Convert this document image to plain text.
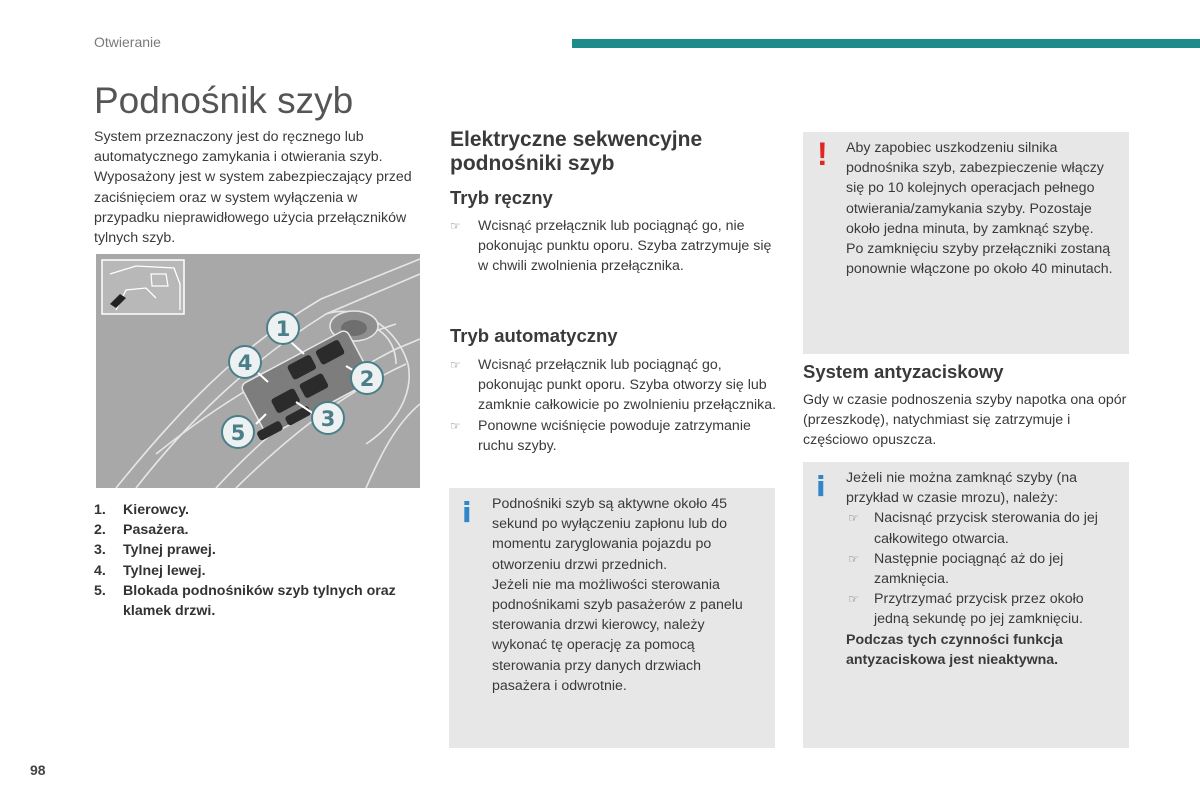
Otwieranie
Podnośnik szyb
System przeznaczony jest do ręcznego lub automatycznego zamykania i otwierania szyb. Wyposażony jest w system zabezpieczający przed zaciśnięciem oraz w system wyłączenia w przypadku nieprawidłowego użycia przełączników tylnych szyb.
1
2
3
4
5
1.	Kierowcy.
2.	Pasażera.
3.	Tylnej prawej.
4.	Tylnej lewej.
5.	Blokada podnośników szyb tylnych oraz klamek drzwi.
Elektryczne sekwencyjne podnośniki szyb
Tryb ręczny
☞ Wcisnąć przełącznik lub pociągnąć go, nie pokonując punktu oporu. Szyba zatrzymuje się w chwili zwolnienia przełącznika.
Tryb automatyczny
☞ Wcisnąć przełącznik lub pociągnąć go, pokonując punkt oporu. Szyba otworzy się lub zamknie całkowicie po zwolnieniu przełącznika.
☞ Ponowne wciśnięcie powoduje zatrzymanie ruchu szyby.
i Podnośniki szyb są aktywne około 45 sekund po wyłączeniu zapłonu lub do momentu zaryglowania pojazdu po otworzeniu drzwi przednich.
Jeżeli nie ma możliwości sterowania podnośnikami szyb pasażerów z panelu sterowania drzwi kierowcy, należy wykonać tę operację za pomocą sterowania przy danych drzwiach pasażera i odwrotnie.
! Aby zapobiec uszkodzeniu silnika podnośnika szyb, zabezpieczenie włączy się po 10 kolejnych operacjach pełnego otwierania/zamykania szyby. Pozostaje około jedna minuta, by zamknąć szybę.
Po zamknięciu szyby przełączniki zostaną ponownie włączone po około 40 minutach.
System antyzaciskowy
Gdy w czasie podnoszenia szyby napotka ona opór (przeszkodę), natychmiast się zatrzymuje i częściowo opuszcza.
i Jeżeli nie można zamknąć szyby (na przykład w czasie mrozu), należy:
☞ Nacisnąć przycisk sterowania do jej całkowitego otwarcia.
☞ Następnie pociągnąć aż do jej zamknięcia.
☞ Przytrzymać przycisk przez około jedną sekundę po jej zamknięciu.
Podczas tych czynności funkcja antyzaciskowa jest nieaktywna.
98
